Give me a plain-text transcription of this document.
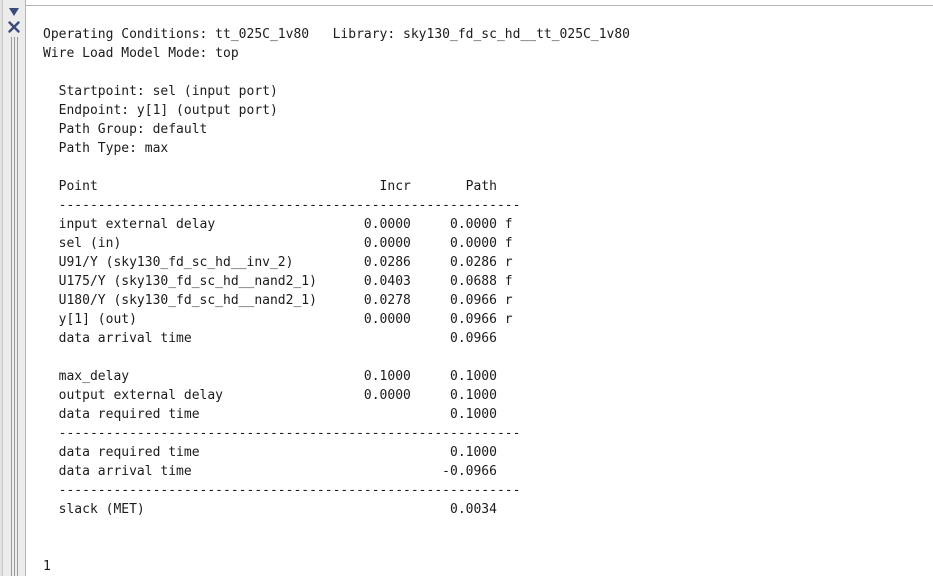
Operating Conditions: tt_025C_1v80   Library: sky130_fd_sc_hd__tt_025C_1v80
Wire Load Model Mode: top
Startpoint: sel (input port)
Endpoint: y[1] (output port)
Path Group: default
Path Type: max
Point                                    Incr       Path
-----------------------------------------------------------
input external delay                   0.0000     0.0000 f
sel (in)                               0.0000     0.0000 f
U91/Y (sky130_fd_sc_hd__inv_2)         0.0286     0.0286 r
U175/Y (sky130_fd_sc_hd__nand2_1)      0.0403     0.0688 f
U180/Y (sky130_fd_sc_hd__nand2_1)      0.0278     0.0966 r
y[1] (out)                             0.0000     0.0966 r
data arrival time                                 0.0966
max_delay                              0.1000     0.1000
output external delay                  0.0000     0.1000
data required time                                0.1000
-----------------------------------------------------------
data required time                                0.1000
data arrival time                                -0.0966
-----------------------------------------------------------
slack (MET)                                       0.0034
1
